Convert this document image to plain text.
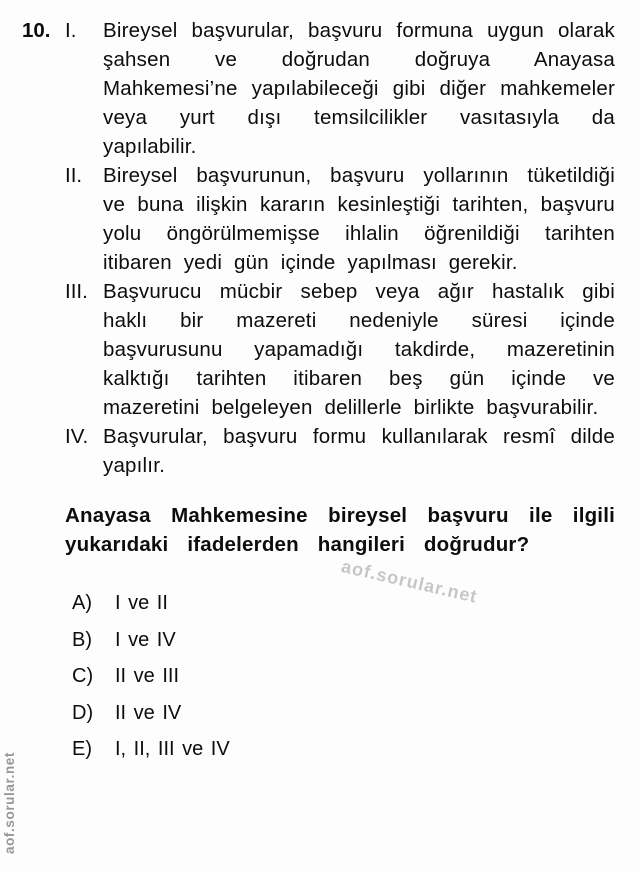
aof.sorular.net
aof.sorular.net
10. I.	Bireysel başvurular, başvuru formuna uygun olarak şahsen ve doğrudan doğruya Anayasa Mahkemesi’ne yapılabileceği gibi diğer mahkemeler veya yurt dışı temsilcilikler vasıtasıyla da yapılabilir.
II.	Bireysel başvurunun, başvuru yollarının tüketildiği ve buna ilişkin kararın kesinleştiği tarihten, başvuru yolu öngörülmemişse ihlalin öğrenildiği tarihten itibaren yedi gün içinde yapılması gerekir.
III. Başvurucu mücbir sebep veya ağır hastalık gibi haklı bir mazereti nedeniyle süresi içinde başvurusunu yapamadığı takdirde, mazeretinin kalktığı tarihten itibaren beş gün içinde ve mazeretini belgeleyen delillerle birlikte başvurabilir.
IV. Başvurular, başvuru formu kullanılarak resmî dilde yapılır.
Anayasa Mahkemesine bireysel başvuru ile ilgili yukarıdaki ifadelerden hangileri doğrudur?
A)	I ve II
B)	I ve IV
C)	II ve III
D)	II ve IV
E)	I, II, III ve IV
